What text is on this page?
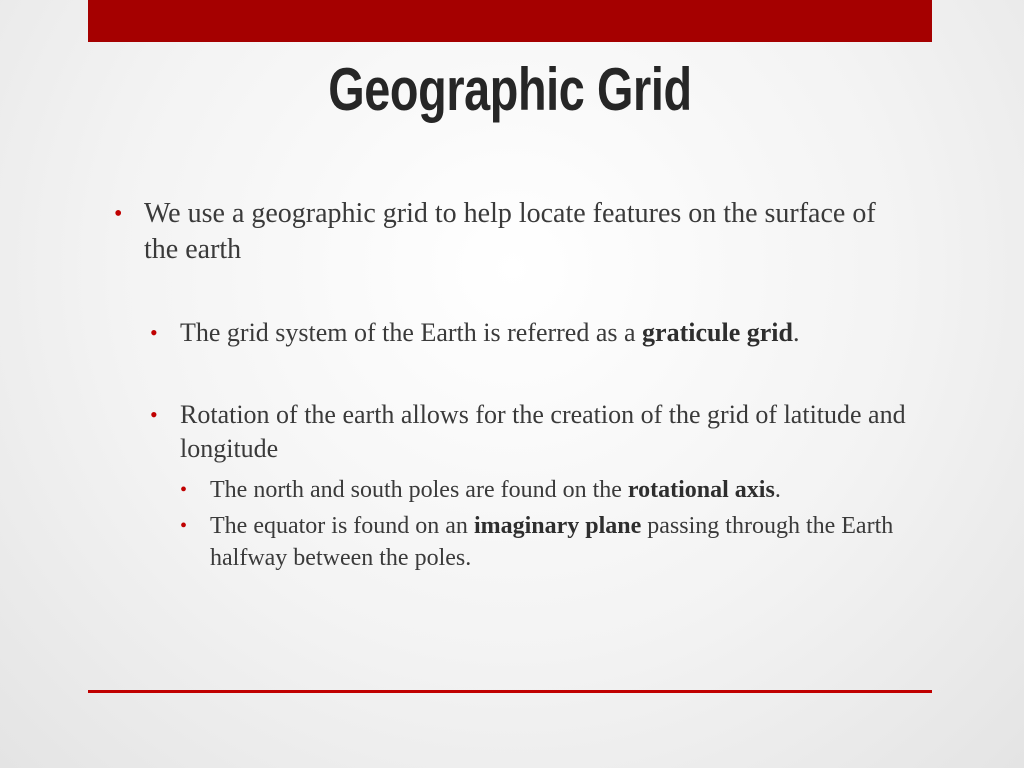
Geographic Grid
• We use a geographic grid to help locate features on the surface of the earth
• The grid system of the Earth is referred as a graticule grid.
• Rotation of the earth allows for the creation of the grid of latitude and longitude
• The north and south poles are found on the rotational axis.
• The equator is found on an imaginary plane passing through the Earth halfway between the poles.
